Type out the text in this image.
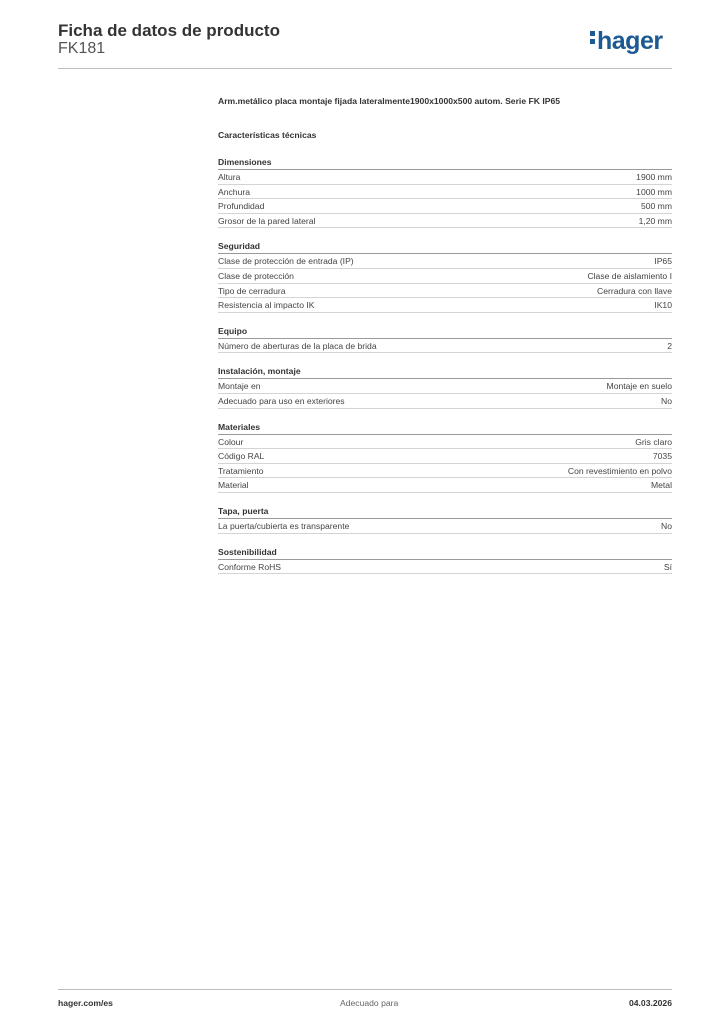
Ficha de datos de producto
FK181	hager
Arm.metálico placa montaje fijada lateralmente1900x1000x500 autom. Serie FK IP65
Características técnicas
Dimensiones
Altura	1900 mm
Anchura	1000 mm
Profundidad	500 mm
Grosor de la pared lateral	1,20 mm
Seguridad
Clase de protección de entrada (IP)	IP65
Clase de protección	Clase de aislamiento I
Tipo de cerradura	Cerradura con llave
Resistencia al impacto IK	IK10
Equipo
Número de aberturas de la placa de brida	2
Instalación, montaje
Montaje en	Montaje en suelo
Adecuado para uso en exteriores	No
Materiales
Colour	Gris claro
Código RAL	7035
Tratamiento	Con revestimiento en polvo
Material	Metal
Tapa, puerta
La puerta/cubierta es transparente	No
Sostenibilidad
Conforme RoHS	Sí
hager.com/es	Adecuado para	04.03.2026
